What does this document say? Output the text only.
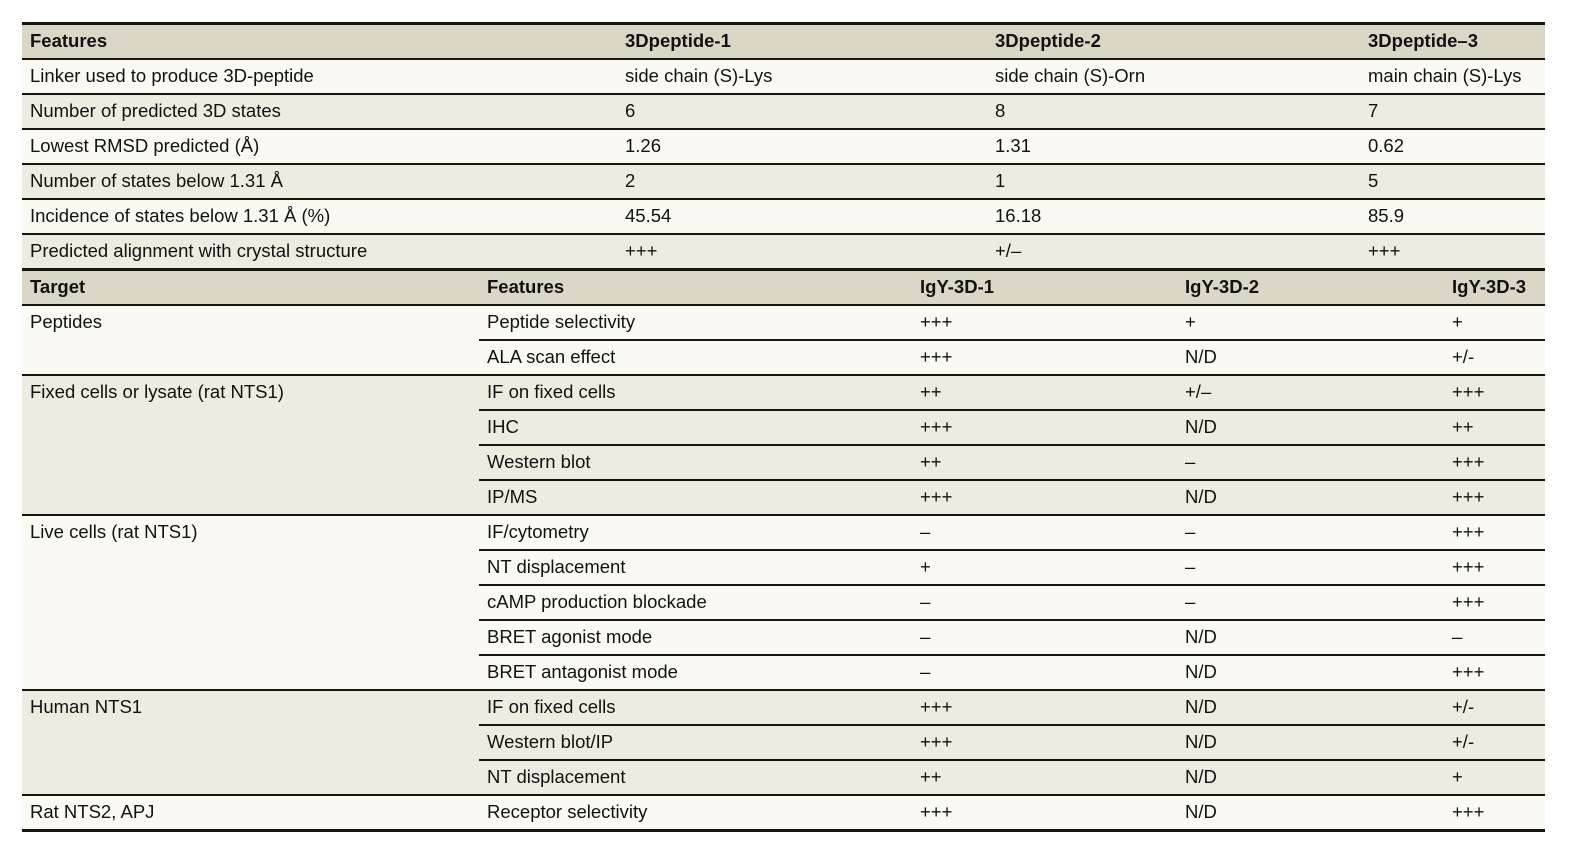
Features	3Dpeptide-1	3Dpeptide-2	3Dpeptide–3
Linker used to produce 3D-peptide	side chain (S)-Lys	side chain (S)-Orn	main chain (S)-Lys
Number of predicted 3D states	6	8	7
Lowest RMSD predicted (Å)	1.26	1.31	0.62
Number of states below 1.31 Å	2	1	5
Incidence of states below 1.31 Å (%)	45.54	16.18	85.9
Predicted alignment with crystal structure	+++	+/–	+++
Target	Features	IgY-3D-1	IgY-3D-2	IgY-3D-3
Peptides	Peptide selectivity	+++	+	+
	ALA scan effect	+++	N/D	+/-
Fixed cells or lysate (rat NTS1)	IF on fixed cells	++	+/–	+++
	IHC	+++	N/D	++
	Western blot	++	–	+++
	IP/MS	+++	N/D	+++
Live cells (rat NTS1)	IF/cytometry	–	–	+++
	NT displacement	+	–	+++
	cAMP production blockade	–	–	+++
	BRET agonist mode	–	N/D	–
	BRET antagonist mode	–	N/D	+++
Human NTS1	IF on fixed cells	+++	N/D	+/-
	Western blot/IP	+++	N/D	+/-
	NT displacement	++	N/D	+
Rat NTS2, APJ	Receptor selectivity	+++	N/D	+++
